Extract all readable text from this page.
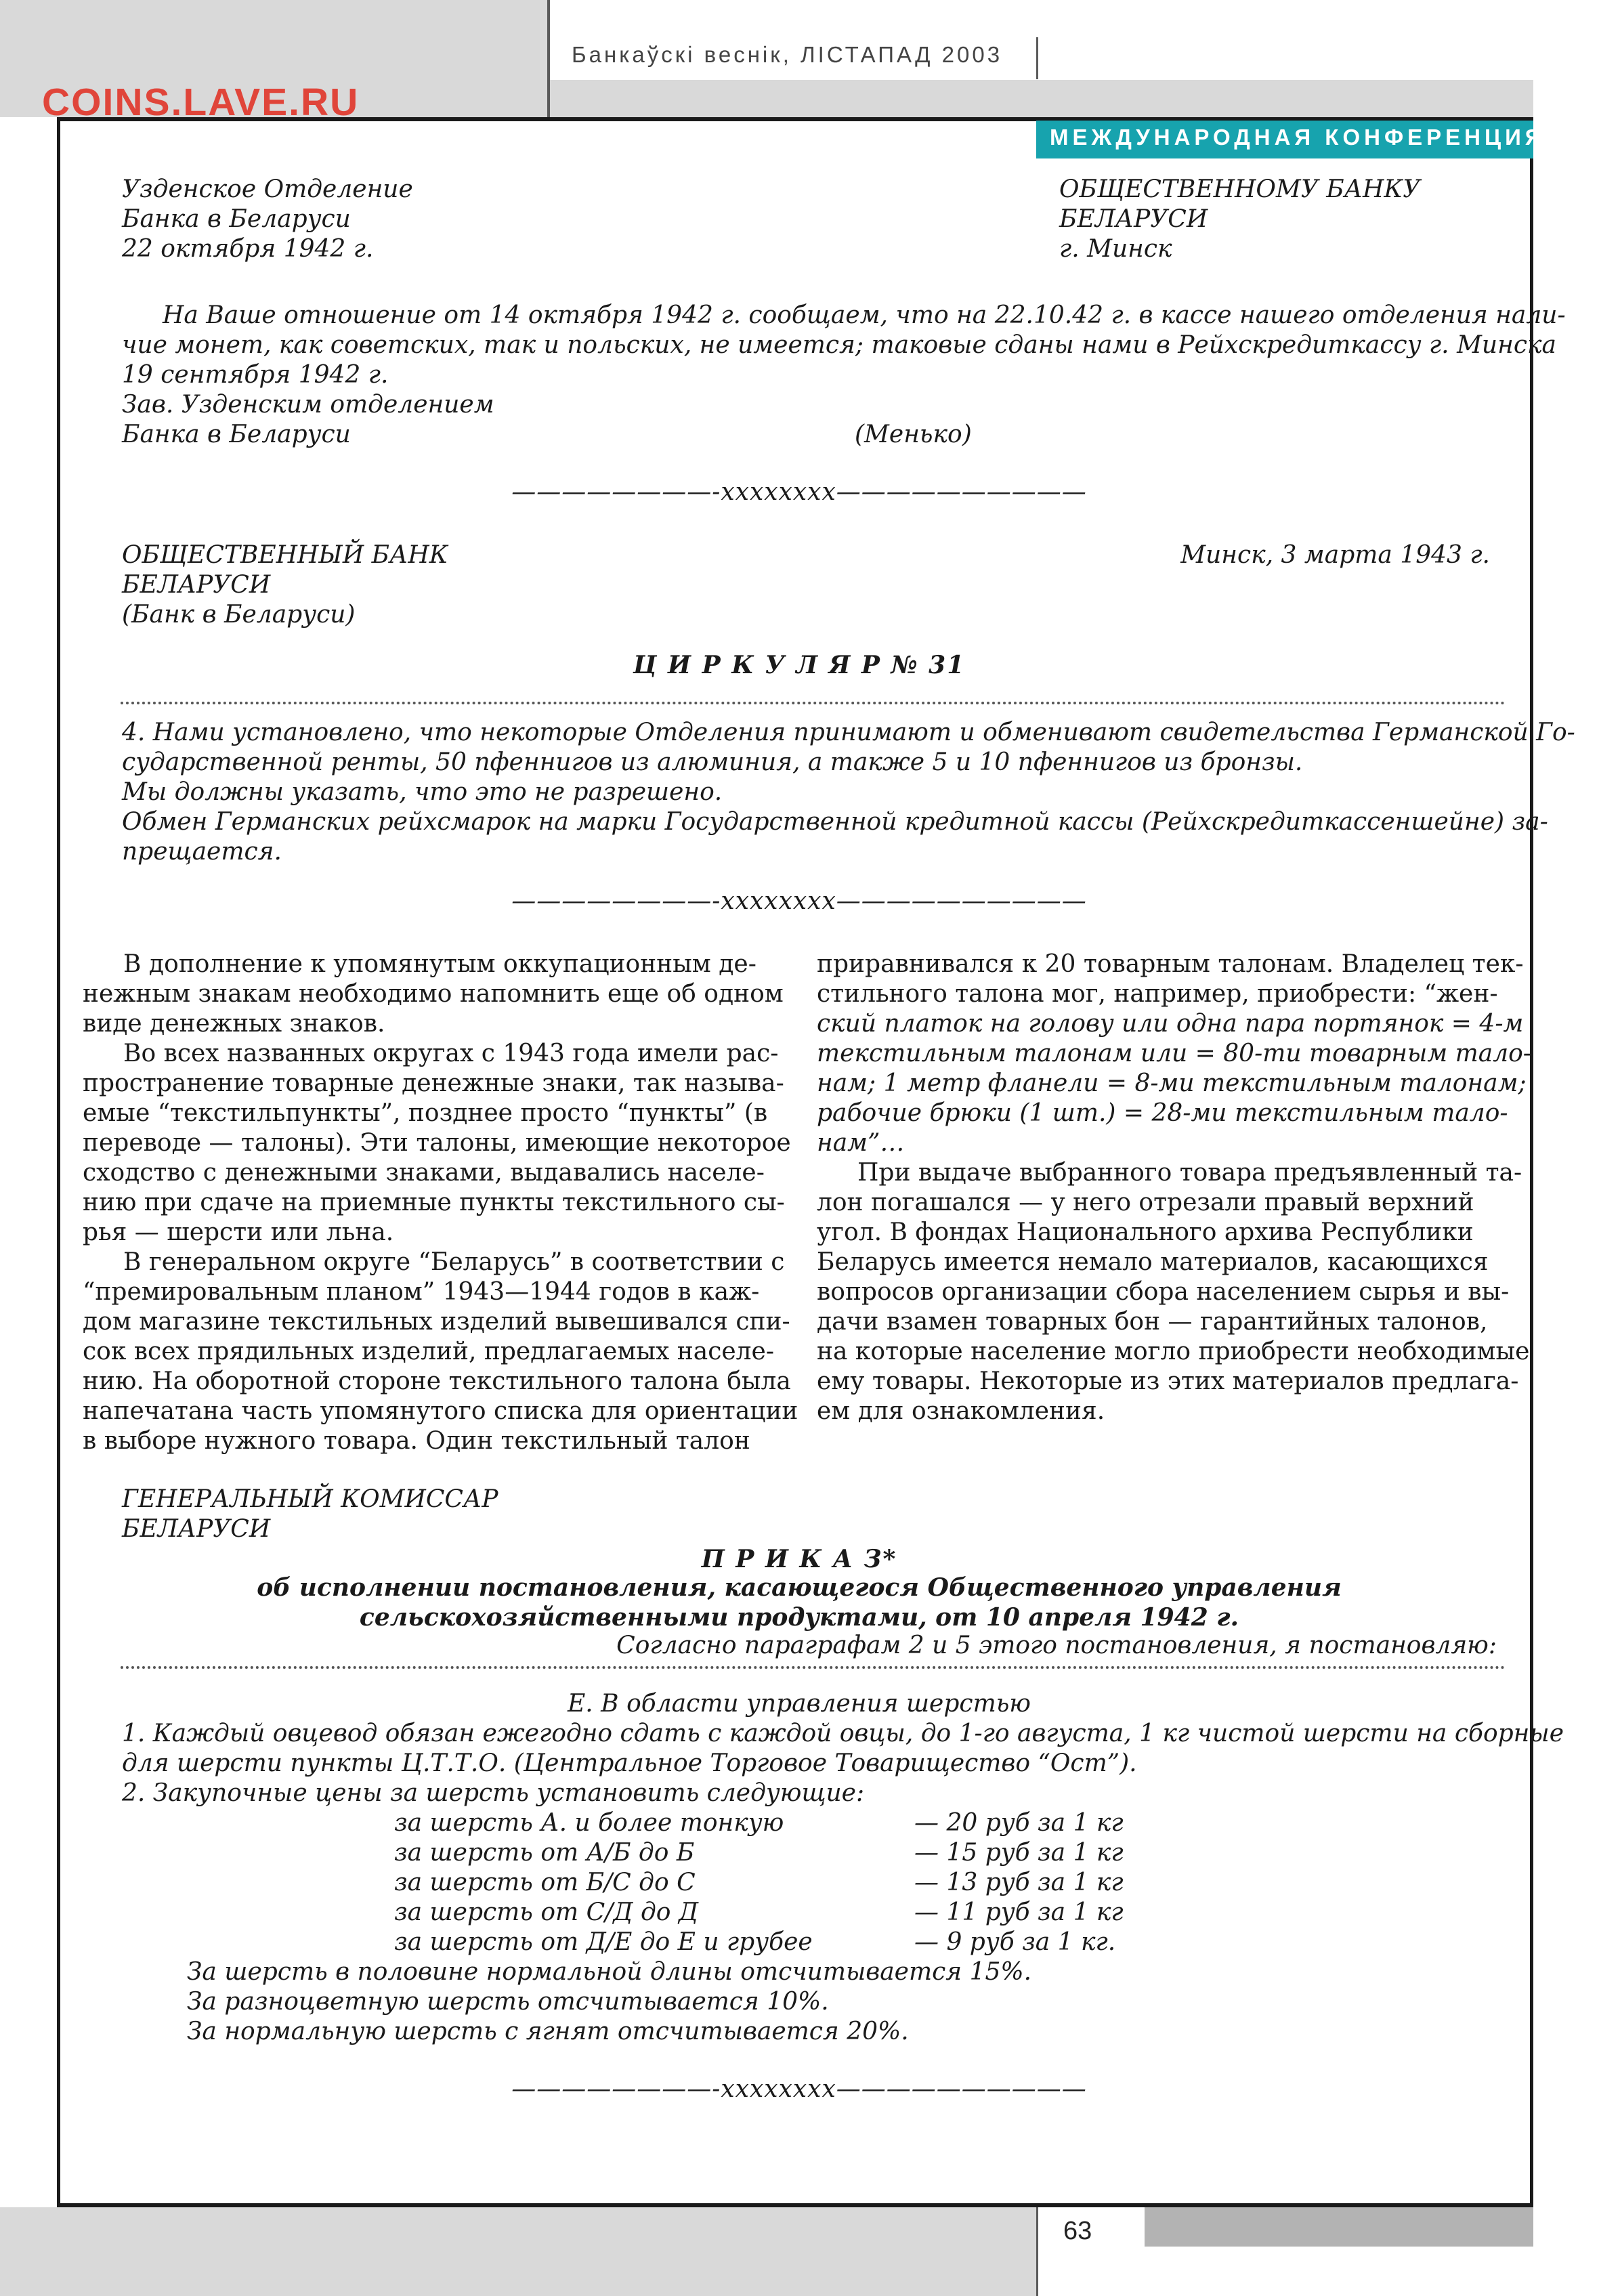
Банкаўскі веснік, ЛІСТАПАД 2003
COINS.LAVE.RU
МЕЖДУНАРОДНАЯ КОНФЕРЕНЦИЯ
Узденское Отделение
Банка в Беларуси
22 октября 1942 г.
ОБЩЕСТВЕННОМУ БАНКУ
БЕЛАРУСИ
г. Минск
На Ваше отношение от 14 октября 1942 г. сообщаем, что на 22.10.42 г. в кассе нашего отделения нали-
чие монет, как советских, так и польских, не имеется; таковые сданы нами в Рейхскредиткассу г. Минска
19 сентября 1942 г.
Зав. Узденским отделением
Банка в Беларуси	(Менько)
————————-xxxxxxxx——————————
ОБЩЕСТВЕННЫЙ БАНК
БЕЛАРУСИ
(Банк в Беларуси)
Минск, 3 марта 1943 г.
Ц И Р К У Л Я Р № 31
4. Нами установлено, что некоторые Отделения принимают и обменивают свидетельства Германской Го-
сударственной ренты, 50 пфеннигов из алюминия, а также 5 и 10 пфеннигов из бронзы.
Мы должны указать, что это не разрешено.
Обмен Германских рейхсмарок на марки Государственной кредитной кассы (Рейхскредиткассеншейне) за-
прещается.
————————-xxxxxxxx——————————
В дополнение к упомянутым оккупационным де-
нежным знакам необходимо напомнить еще об одном
виде денежных знаков.
Во всех названных округах с 1943 года имели рас-
пространение товарные денежные знаки, так называ-
емые “текстильпункты”, позднее просто “пункты” (в
переводе — талоны). Эти талоны, имеющие некоторое
сходство с денежными знаками, выдавались населе-
нию при сдаче на приемные пункты текстильного сы-
рья — шерсти или льна.
В генеральном округе “Беларусь” в соответствии с
“премировальным планом” 1943—1944 годов в каж-
дом магазине текстильных изделий вывешивался спи-
сок всех прядильных изделий, предлагаемых населе-
нию. На оборотной стороне текстильного талона была
напечатана часть упомянутого списка для ориентации
в выборе нужного товара. Один текстильный талон
приравнивался к 20 товарным талонам. Владелец тек-
стильного талона мог, например, приобрести: “жен-
ский платок на голову или одна пара портянок = 4-м
текстильным талонам или = 80-ти товарным тало-
нам; 1 метр фланели = 8-ми текстильным талонам;
рабочие брюки (1 шт.) = 28-ми текстильным тало-
нам”…
При выдаче выбранного товара предъявленный та-
лон погашался — у него отрезали правый верхний
угол. В фондах Национального архива Республики
Беларусь имеется немало материалов, касающихся
вопросов организации сбора населением сырья и вы-
дачи взамен товарных бон — гарантийных талонов,
на которые население могло приобрести необходимые
ему товары. Некоторые из этих материалов предлага-
ем для ознакомления.
ГЕНЕРАЛЬНЫЙ КОМИССАР
БЕЛАРУСИ
П Р И К А З*
об исполнении постановления, касающегося Общественного управления
сельскохозяйственными продуктами, от 10 апреля 1942 г.
Согласно параграфам 2 и 5 этого постановления, я постановляю:
Е. В области управления шерстью
1. Каждый овцевод обязан ежегодно сдать с каждой овцы, до 1-го августа, 1 кг чистой шерсти на сборные
для шерсти пункты Ц.Т.Т.О. (Центральное Торговое Товарищество “Ост”).
2. Закупочные цены за шерсть установить следующие:
за шерсть А. и более тонкую	— 20 руб за 1 кг
за шерсть от А/Б до Б	— 15 руб за 1 кг
за шерсть от Б/С до С	— 13 руб за 1 кг
за шерсть от С/Д до Д	— 11 руб за 1 кг
за шерсть от Д/Е до Е и грубее	— 9 руб за 1 кг.
За шерсть в половине нормальной длины отсчитывается 15%.
За разноцветную шерсть отсчитывается 10%.
За нормальную шерсть с ягнят отсчитывается 20%.
————————-xxxxxxxx——————————
63
